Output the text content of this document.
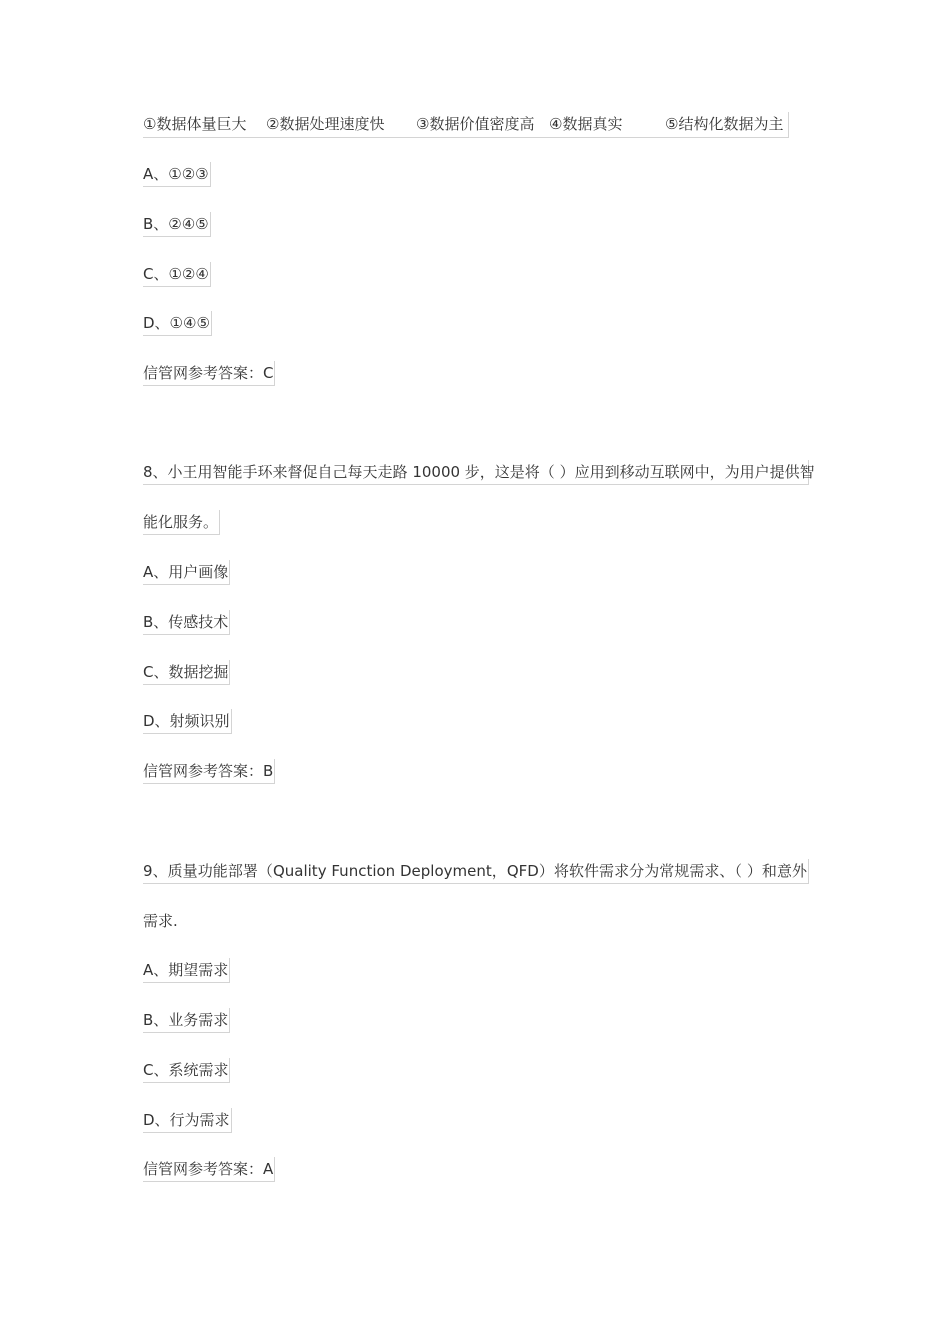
①数据体量巨大 ②数据处理速度快 ③数据价值密度高 ④数据真实	⑤结构化数据为主
A、①②③
B、②④⑤
C、①②④
D、①④⑤
信管网参考答案：C
8、小王用智能手环来督促自己每天走路 10000 步，这是将（ ）应用到移动互联网中，为用户提供智
能化服务。
A、用户画像
B、传感技术
C、数据挖掘
D、射频识别
信管网参考答案：B
9、质量功能部署（Quality Function Deployment，QFD）将软件需求分为常规需求、（ ）和意外
需求.
A、期望需求
B、业务需求
C、系统需求
D、行为需求
信管网参考答案：A
